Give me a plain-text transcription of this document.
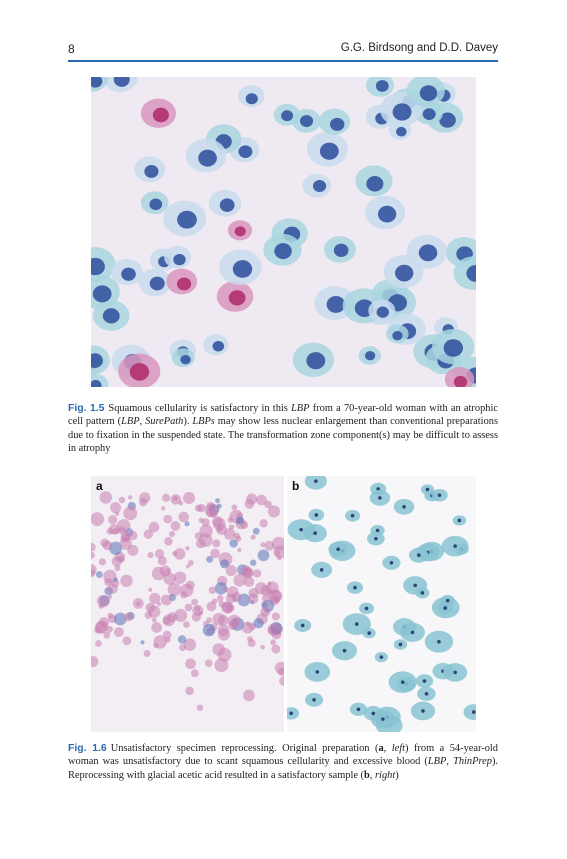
8	G.G. Birdsong and D.D. Davey
Fig. 1.5 Squamous cellularity is satisfactory in this LBP from a 70-year-old woman with an atrophic cell pattern (LBP, SurePath). LBPs may show less nuclear enlargement than conventional preparations due to fixation in the suspended state. The transformation zone component(s) may be difficult to assess in atrophy
a	b
Fig. 1.6 Unsatisfactory specimen reprocessing. Original preparation (a, left) from a 54-year-old woman was unsatisfactory due to scant squamous cellularity and excessive blood (LBP, ThinPrep). Reprocessing with glacial acetic acid resulted in a satisfactory sample (b, right)
